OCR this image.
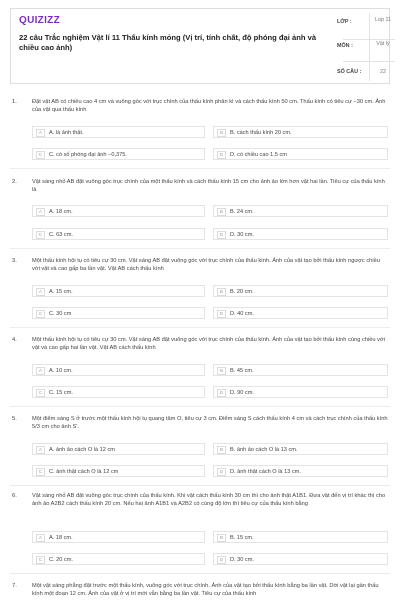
QUIZIZZ
22 câu Trắc nghiệm Vật lí 11 Thấu kính mỏng (Vị trí, tính chất, độ phóng đại ảnh và chiều cao ảnh)
LỚP :	Lop 11
MÔN :	Vật lý
SỐ CÂU :	22
1.	Đặt vật AB có chiều cao 4 cm và vuông góc với trục chính của thấu kính phân kì và cách thấu kính 50 cm. Thấu kính có tiêu cự −30 cm. Ảnh của vật qua thấu kính
A	A. là ảnh thật.	B	B. cách thấu kính 20 cm.
C	C. có số phóng đại ảnh −0,375.	D	D. có chiều cao 1,5 cm
2.	Vật sáng nhỏ AB đặt vuông góc trục chính của một thấu kính và cách thấu kính 15 cm cho ảnh ảo lớn hơn vật hai lần. Tiêu cự của thấu kính là
A	A. 18 cm.	B	B. 24 cm.
C	C. 63 cm.	D	D. 30 cm.
3.	Một thấu kính hội tụ có tiêu cự 30 cm. Vật sáng AB đặt vuông góc với trục chính của thấu kính. Ảnh của vật tạo bởi thấu kính ngược chiều với vật và cao gấp ba lần vật. Vật AB cách thấu kính
A	A. 15 cm.	B	B. 20 cm.
C	C. 30 cm	D	D. 40 cm.
4.	Một thấu kính hội tụ có tiêu cự 30 cm. Vật sáng AB đặt vuông góc với trục chính của thấu kính. Ảnh của vật tạo bởi thấu kính cùng chiều với vật và cao gấp hai lần vật. Vật AB cách thấu kính
A	A. 10 cm.	B	B. 45 cm.
C	C. 15 cm.	D	D. 90 cm.
5.	Một điểm sáng S ở trước một thấu kính hội tụ quang tâm O, tiêu cự 3 cm. Điểm sáng S cách thấu kính 4 cm và cách trục chính của thấu kính 5/3 cm cho ảnh S'.
A	A. ảnh ảo cách O là 12 cm	B	B. ảnh ảo cách O là 13 cm.
C	C. ảnh thật cách O là 12 cm	D	D. ảnh thật cách O là 13 cm.
6.	Vật sáng nhỏ AB đặt vuông góc trục chính của thấu kính. Khi vật cách thấu kính 30 cm thì cho ảnh thật A1B1. Đưa vật đến vị trí khác thì cho ảnh ảo A2B2 cách thấu kính 20 cm. Nếu hai ảnh A1B1 và A2B2 có cùng độ lớn thì tiêu cự của thấu kính bằng
A	A. 18 cm.	B	B. 15 cm.
C	C. 20 cm.	D	D. 30 cm.
7.	Một vật sáng phẳng đặt trước một thấu kính, vuông góc với trục chính. Ảnh của vật tạo bởi thấu kính bằng ba lần vật. Dời vật lại gần thấu kính một đoạn 12 cm. Ảnh của vật ở vị trí mới vẫn bằng ba lần vật. Tiêu cự của thấu kính
